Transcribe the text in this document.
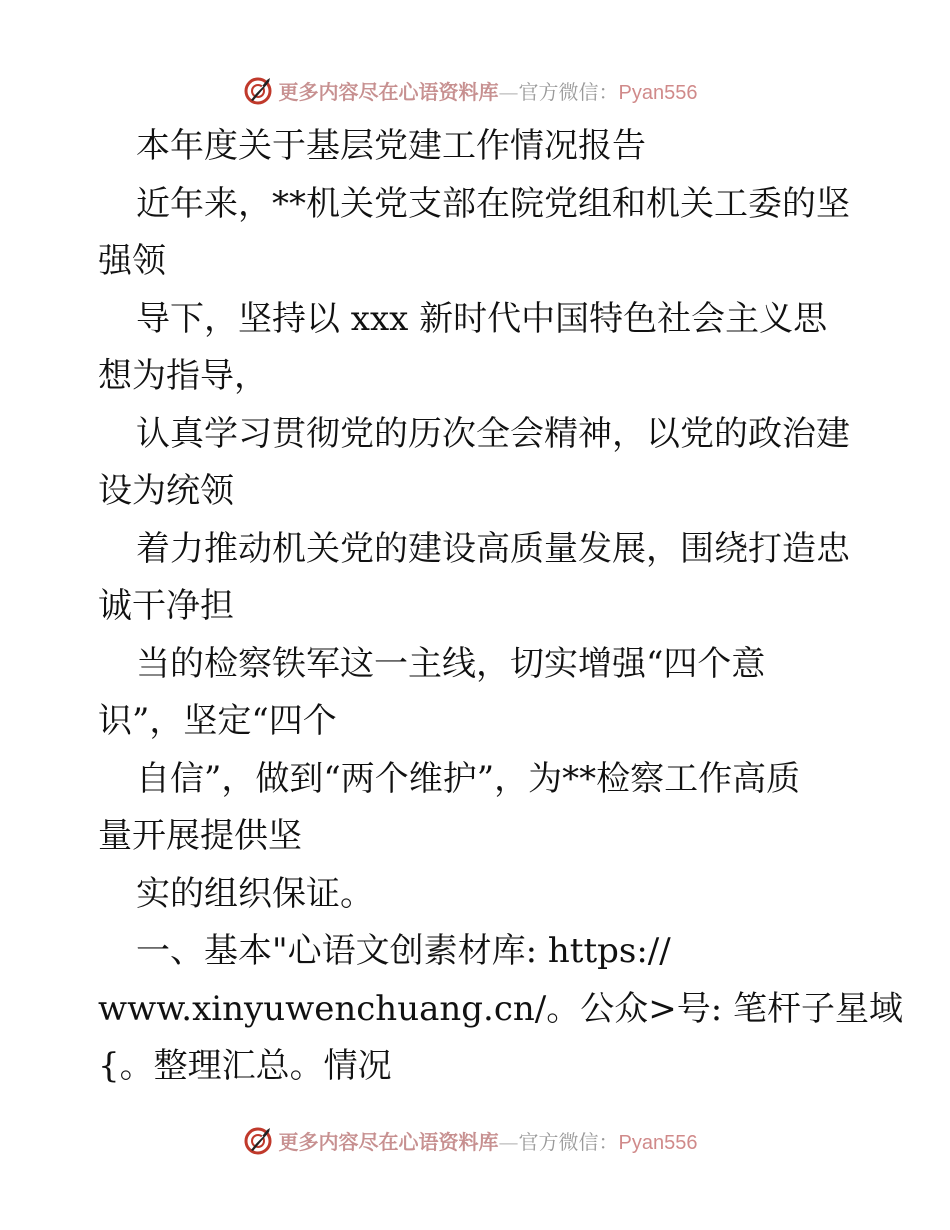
更多内容尽在心语资料库—官方微信：Pyan556
本年度关于基层党建工作情况报告
近年来，**机关党支部在院党组和机关工委的坚
强领
导下，坚持以 xxx 新时代中国特色社会主义思
想为指导，
认真学习贯彻党的历次全会精神，以党的政治建
设为统领
着力推动机关党的建设高质量发展，围绕打造忠
诚干净担
当的检察铁军这一主线，切实增强“四个意
识”，坚定“四个
自信”，做到“两个维护”，为**检察工作高质
量开展提供坚
实的组织保证。
一、基本"心语文创素材库: https://
www.xinyuwenchuang.cn/。公众>号: 笔杆子星域
{。整理汇总。情况
更多内容尽在心语资料库—官方微信：Pyan556
